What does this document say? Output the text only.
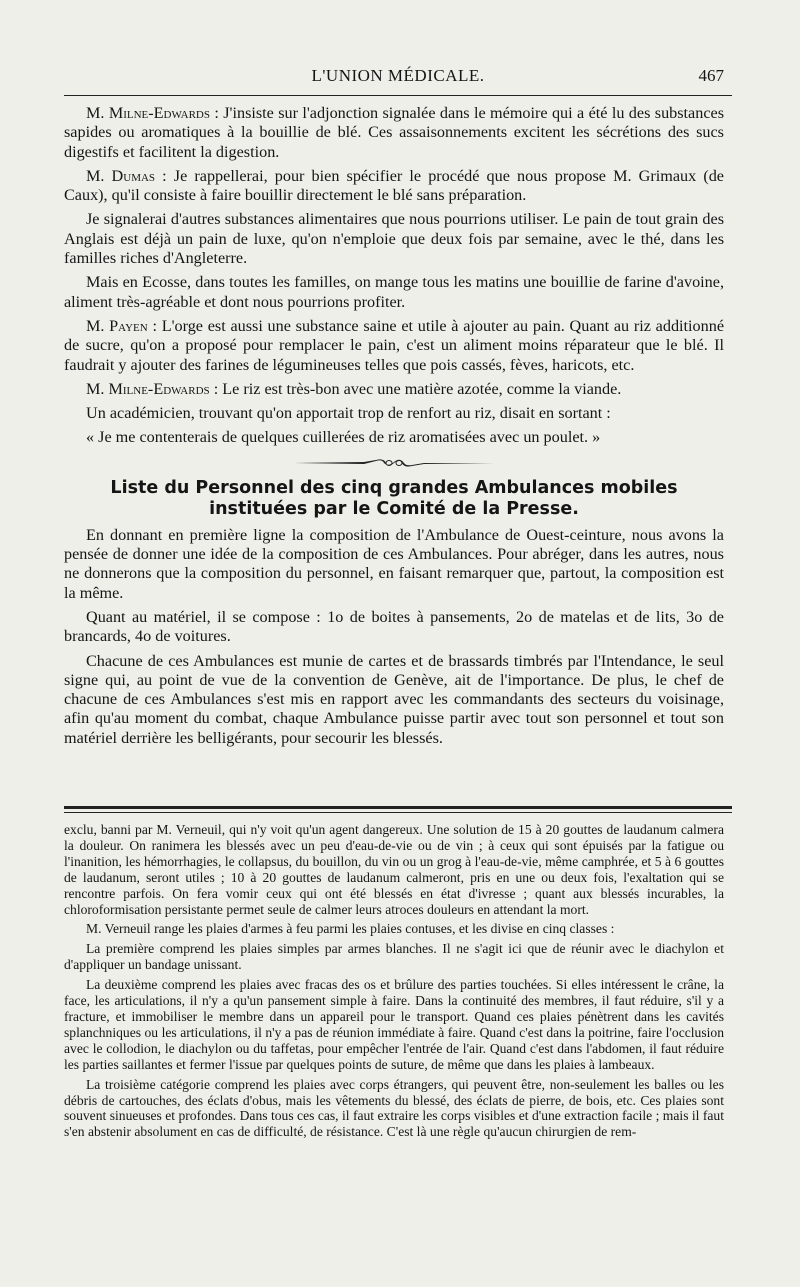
L'UNION MÉDICALE.	467

M. Milne-Edwards : J'insiste sur l'adjonction signalée dans le mémoire qui a été lu des substances sapides ou aromatiques à la bouillie de blé. Ces assaisonnements excitent les sécrétions des sucs digestifs et facilitent la digestion.

M. Dumas : Je rappellerai, pour bien spécifier le procédé que nous propose M. Grimaux (de Caux), qu'il consiste à faire bouillir directement le blé sans préparation.

Je signalerai d'autres substances alimentaires que nous pourrions utiliser. Le pain de tout grain des Anglais est déjà un pain de luxe, qu'on n'emploie que deux fois par semaine, avec le thé, dans les familles riches d'Angleterre.

Mais en Ecosse, dans toutes les familles, on mange tous les matins une bouillie de farine d'avoine, aliment très-agréable et dont nous pourrions profiter.

M. Payen : L'orge est aussi une substance saine et utile à ajouter au pain. Quant au riz additionné de sucre, qu'on a proposé pour remplacer le pain, c'est un aliment moins réparateur que le blé. Il faudrait y ajouter des farines de légumineuses telles que pois cassés, fèves, haricots, etc.

M. Milne-Edwards : Le riz est très-bon avec une matière azotée, comme la viande.

Un académicien, trouvant qu'on apportait trop de renfort au riz, disait en sortant :

« Je me contenterais de quelques cuillerées de riz aromatisées avec un poulet. »

Liste du Personnel des cinq grandes Ambulances mobiles
instituées par le Comité de la Presse.

En donnant en première ligne la composition de l'Ambulance de Ouest-ceinture, nous avons la pensée de donner une idée de la composition de ces Ambulances. Pour abréger, dans les autres, nous ne donnerons que la composition du personnel, en faisant remarquer que, partout, la composition est la même.

Quant au matériel, il se compose : 1o de boites à pansements, 2o de matelas et de lits, 3o de brancards, 4o de voitures.

Chacune de ces Ambulances est munie de cartes et de brassards timbrés par l'Intendance, le seul signe qui, au point de vue de la convention de Genève, ait de l'importance. De plus, le chef de chacune de ces Ambulances s'est mis en rapport avec les commandants des secteurs du voisinage, afin qu'au moment du combat, chaque Ambulance puisse partir avec tout son personnel et tout son matériel derrière les belligérants, pour secourir les blessés.

exclu, banni par M. Verneuil, qui n'y voit qu'un agent dangereux. Une solution de 15 à 20 gouttes de laudanum calmera la douleur. On ranimera les blessés avec un peu d'eau-de-vie ou de vin ; à ceux qui sont épuisés par la fatigue ou l'inanition, les hémorrhagies, le collapsus, du bouillon, du vin ou un grog à l'eau-de-vie, même camphrée, et 5 à 6 gouttes de laudanum, seront utiles ; 10 à 20 gouttes de laudanum calmeront, pris en une ou deux fois, l'exaltation qui se rencontre parfois. On fera vomir ceux qui ont été blessés en état d'ivresse ; quant aux blessés incurables, la chloroformisation persistante permet seule de calmer leurs atroces douleurs en attendant la mort.

M. Verneuil range les plaies d'armes à feu parmi les plaies contuses, et les divise en cinq classes :

La première comprend les plaies simples par armes blanches. Il ne s'agit ici que de réunir avec le diachylon et d'appliquer un bandage unissant.

La deuxième comprend les plaies avec fracas des os et brûlure des parties touchées. Si elles intéressent le crâne, la face, les articulations, il n'y a qu'un pansement simple à faire. Dans la continuité des membres, il faut réduire, s'il y a fracture, et immobiliser le membre dans un appareil pour le transport. Quand ces plaies pénètrent dans les cavités splanchniques ou les articulations, il n'y a pas de réunion immédiate à faire. Quand c'est dans la poitrine, faire l'occlusion avec le collodion, le diachylon ou du taffetas, pour empêcher l'entrée de l'air. Quand c'est dans l'abdomen, il faut réduire les parties saillantes et fermer l'issue par quelques points de suture, de même que dans les plaies à lambeaux.

La troisième catégorie comprend les plaies avec corps étrangers, qui peuvent être, non-seulement les balles ou les débris de cartouches, des éclats d'obus, mais les vêtements du blessé, des éclats de pierre, de bois, etc. Ces plaies sont souvent sinueuses et profondes. Dans tous ces cas, il faut extraire les corps visibles et d'une extraction facile ; mais il faut s'en abstenir absolument en cas de difficulté, de résistance. C'est là une règle qu'aucun chirurgien de rem-
